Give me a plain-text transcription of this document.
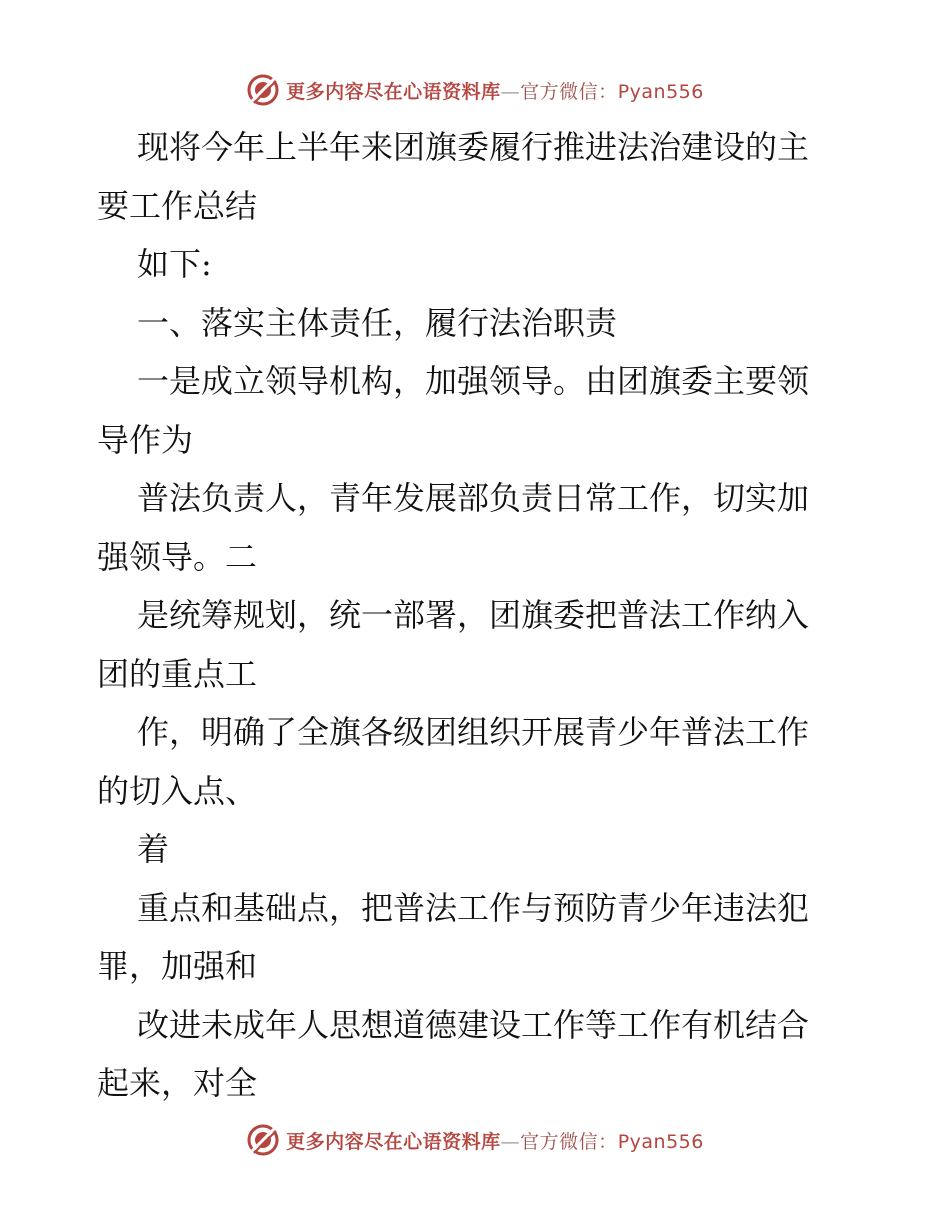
更多内容尽在心语资料库—官方微信：Pyan556
现将今年上半年来团旗委履行推进法治建设的主
要工作总结
如下:
一、落实主体责任，履行法治职责
一是成立领导机构，加强领导。由团旗委主要领
导作为
普法负责人，青年发展部负责日常工作，切实加
强领导。二
是统筹规划，统一部署，团旗委把普法工作纳入
团的重点工
作，明确了全旗各级团组织开展青少年普法工作
的切入点、
着
重点和基础点，把普法工作与预防青少年违法犯
罪，加强和
改进未成年人思想道德建设工作等工作有机结合
起来，对全
更多内容尽在心语资料库—官方微信：Pyan556
